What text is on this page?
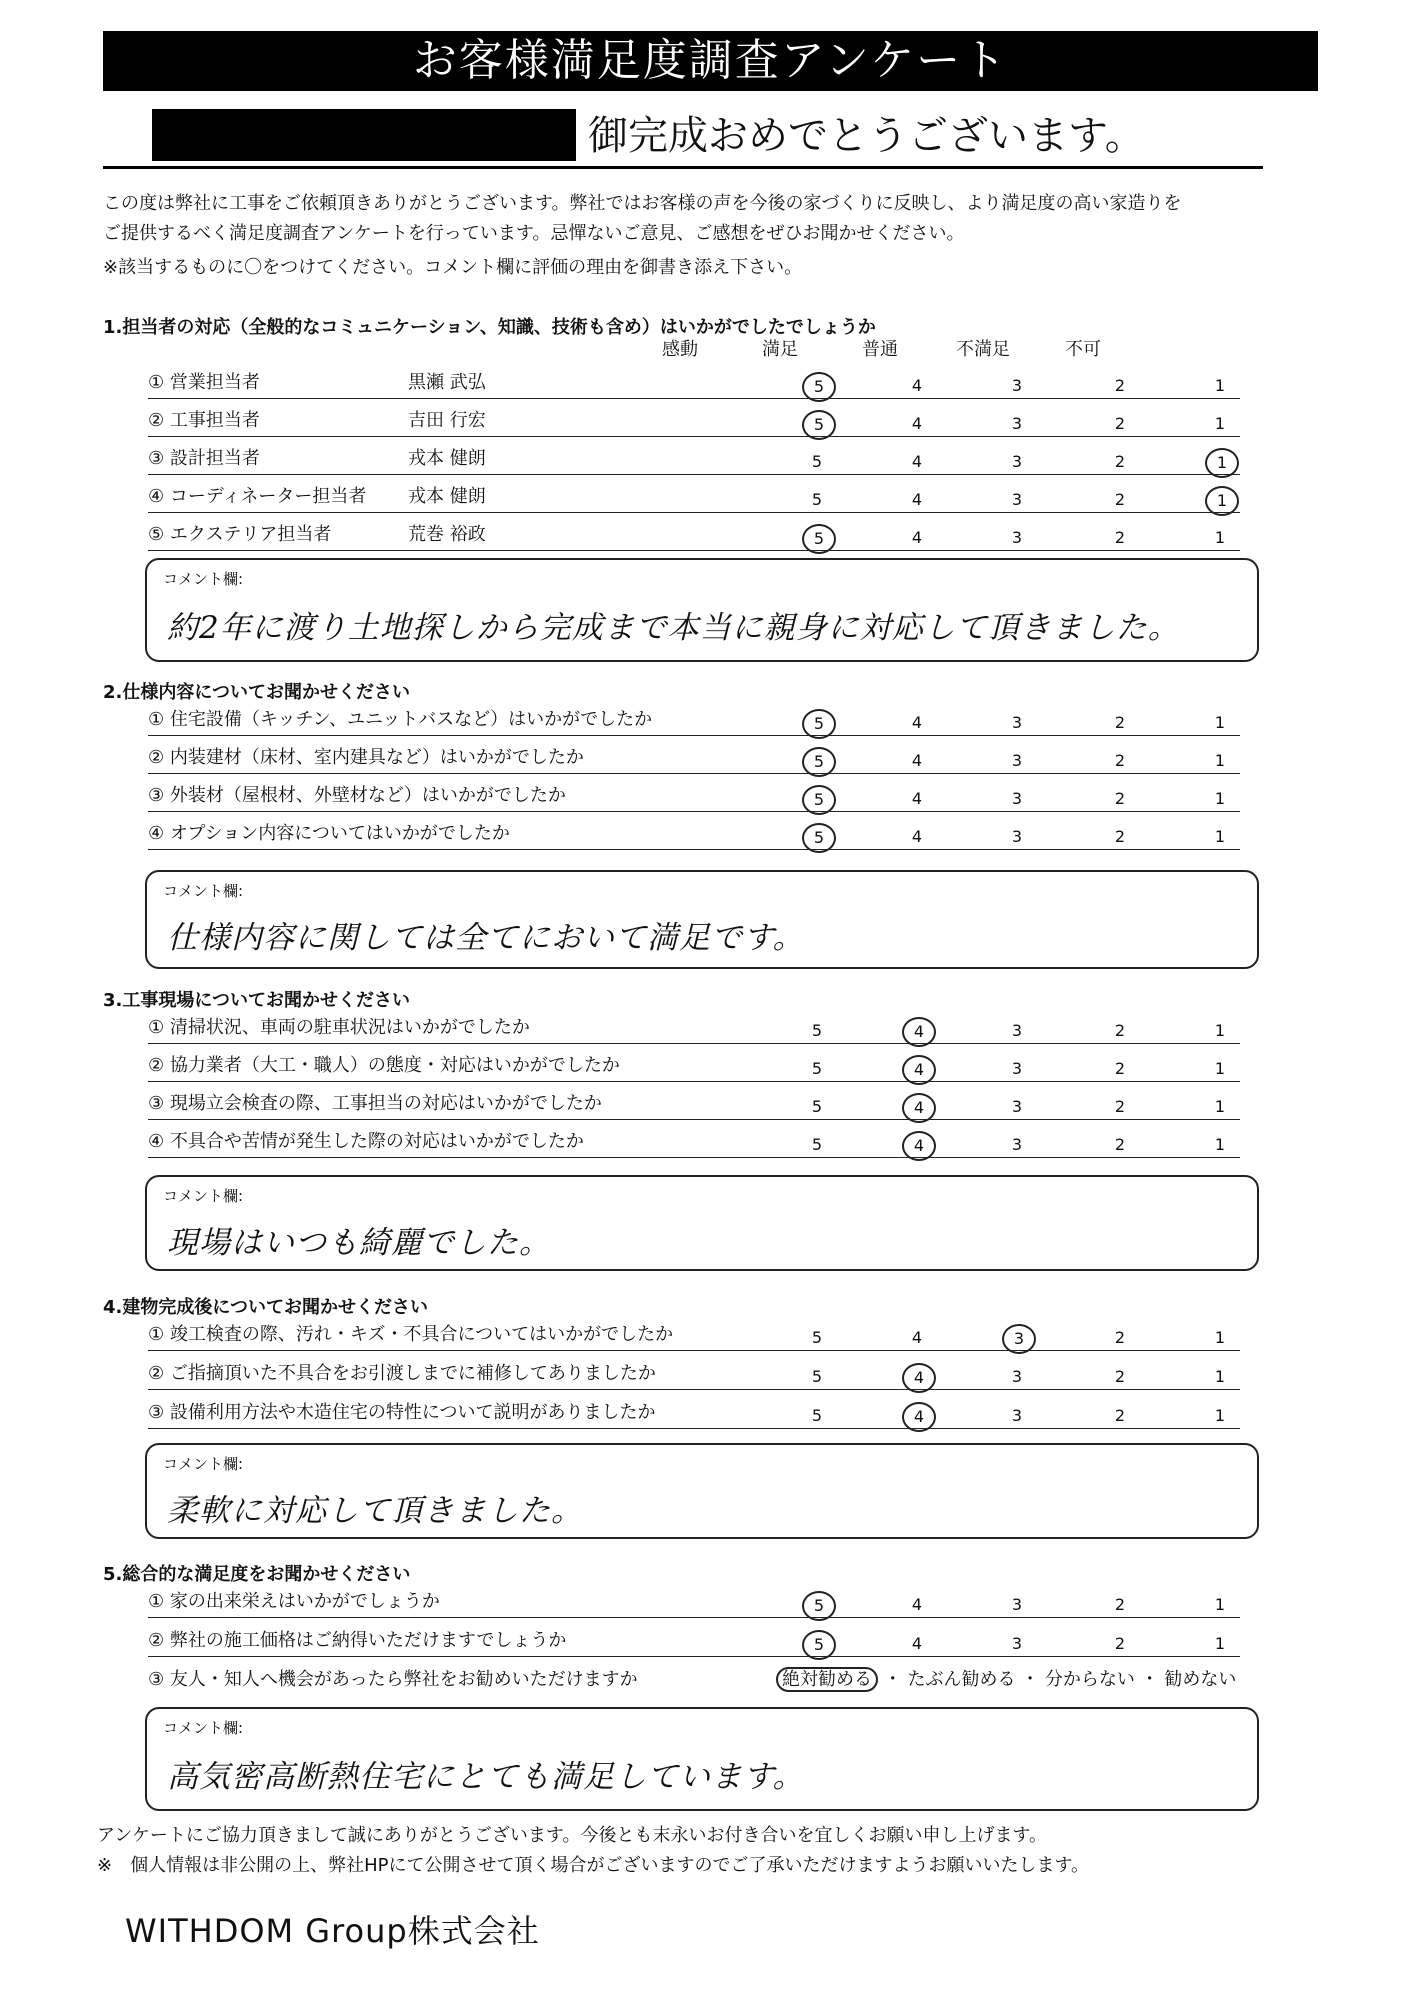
お客様満足度調査アンケート
御完成おめでとうございます。
この度は弊社に工事をご依頼頂きありがとうございます。弊社ではお客様の声を今後の家づくりに反映し、より満足度の高い家造りを
ご提供するべく満足度調査アンケートを行っています。忌憚ないご意見、ご感想をぜひお聞かせください。
※該当するものに〇をつけてください。コメント欄に評価の理由を御書き添え下さい。
1.担当者の対応（全般的なコミュニケーション、知識、技術も含め）はいかがでしたでしょうか
感動	満足	普通	不満足	不可
① 営業担当者	黒瀬 武弘	5	4	3	2	1
② 工事担当者	吉田 行宏	5	4	3	2	1
③ 設計担当者	戎本 健朗	5	4	3	2	1
④ コーディネーター担当者 戎本 健朗	5	4	3	2	1
⑤ エクステリア担当者	荒巻 裕政	5	4	3	2	1
コメント欄:
約2年に渡り土地探しから完成まで本当に親身に対応して頂きました。
2.仕様内容についてお聞かせください
① 住宅設備（キッチン、ユニットバスなど）はいかがでしたか	5	4	3	2	1
② 内装建材（床材、室内建具など）はいかがでしたか	5	4	3	2	1
③ 外装材（屋根材、外壁材など）はいかがでしたか	5	4	3	2	1
④ オプション内容についてはいかがでしたか	5	4	3	2	1
コメント欄:
仕様内容に関しては全てにおいて満足です。
3.工事現場についてお聞かせください
① 清掃状況、車両の駐車状況はいかがでしたか	5	4	3	2	1
② 協力業者（大工・職人）の態度・対応はいかがでしたか	5	4	3	2	1
③ 現場立会検査の際、工事担当の対応はいかがでしたか	5	4	3	2	1
④ 不具合や苦情が発生した際の対応はいかがでしたか	5	4	3	2	1
コメント欄:
現場はいつも綺麗でした。
4.建物完成後についてお聞かせください
① 竣工検査の際、汚れ・キズ・不具合についてはいかがでしたか	5	4	3	2	1
② ご指摘頂いた不具合をお引渡しまでに補修してありましたか	5	4	3	2	1
③ 設備利用方法や木造住宅の特性について説明がありましたか	5	4	3	2	1
コメント欄:
柔軟に対応して頂きました。
5.総合的な満足度をお聞かせください
① 家の出来栄えはいかがでしょうか	5	4	3	2	1
② 弊社の施工価格はご納得いただけますでしょうか	5	4	3	2	1
③ 友人・知人へ機会があったら弊社をお勧めいただけますか	絶対勧める ・ たぶん勧める ・ 分からない ・ 勧めない
コメント欄:
高気密高断熱住宅にとても満足しています。
アンケートにご協力頂きまして誠にありがとうございます。今後とも末永いお付き合いを宜しくお願い申し上げます。
※　個人情報は非公開の上、弊社HPにて公開させて頂く場合がございますのでご了承いただけますようお願いいたします。
WITHDOM Group株式会社
